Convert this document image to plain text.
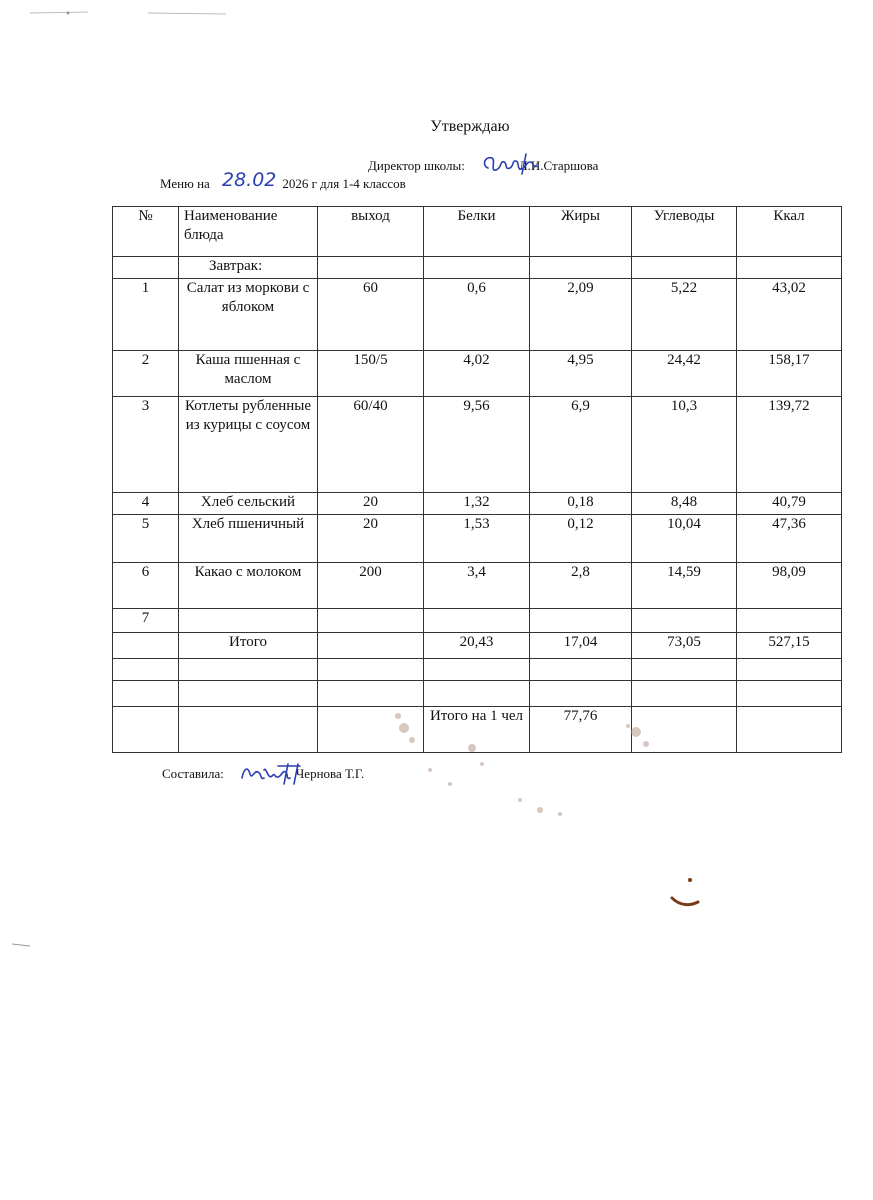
Утверждаю
Директор школы:	Л.И.Старшова
Меню на	2026 г для 1-4 классов
28.02
№	Наименование блюда	выход	Белки	Жиры	Углеводы	Ккал
	Завтрак:					
1	Салат из моркови с яблоком	60	0,6	2,09	5,22	43,02
2	Каша пшенная с маслом	150/5	4,02	4,95	24,42	158,17
3	Котлеты рубленные из курицы с соусом	60/40	9,56	6,9	10,3	139,72
4	Хлеб сельский	20	1,32	0,18	8,48	40,79
5	Хлеб пшеничный	20	1,53	0,12	10,04	47,36
6	Какао с молоком	200	3,4	2,8	14,59	98,09
7						
	Итого		20,43	17,04	73,05	527,15

			Итого на 1 чел	77,76		
Составила:	Чернова Т.Г.
